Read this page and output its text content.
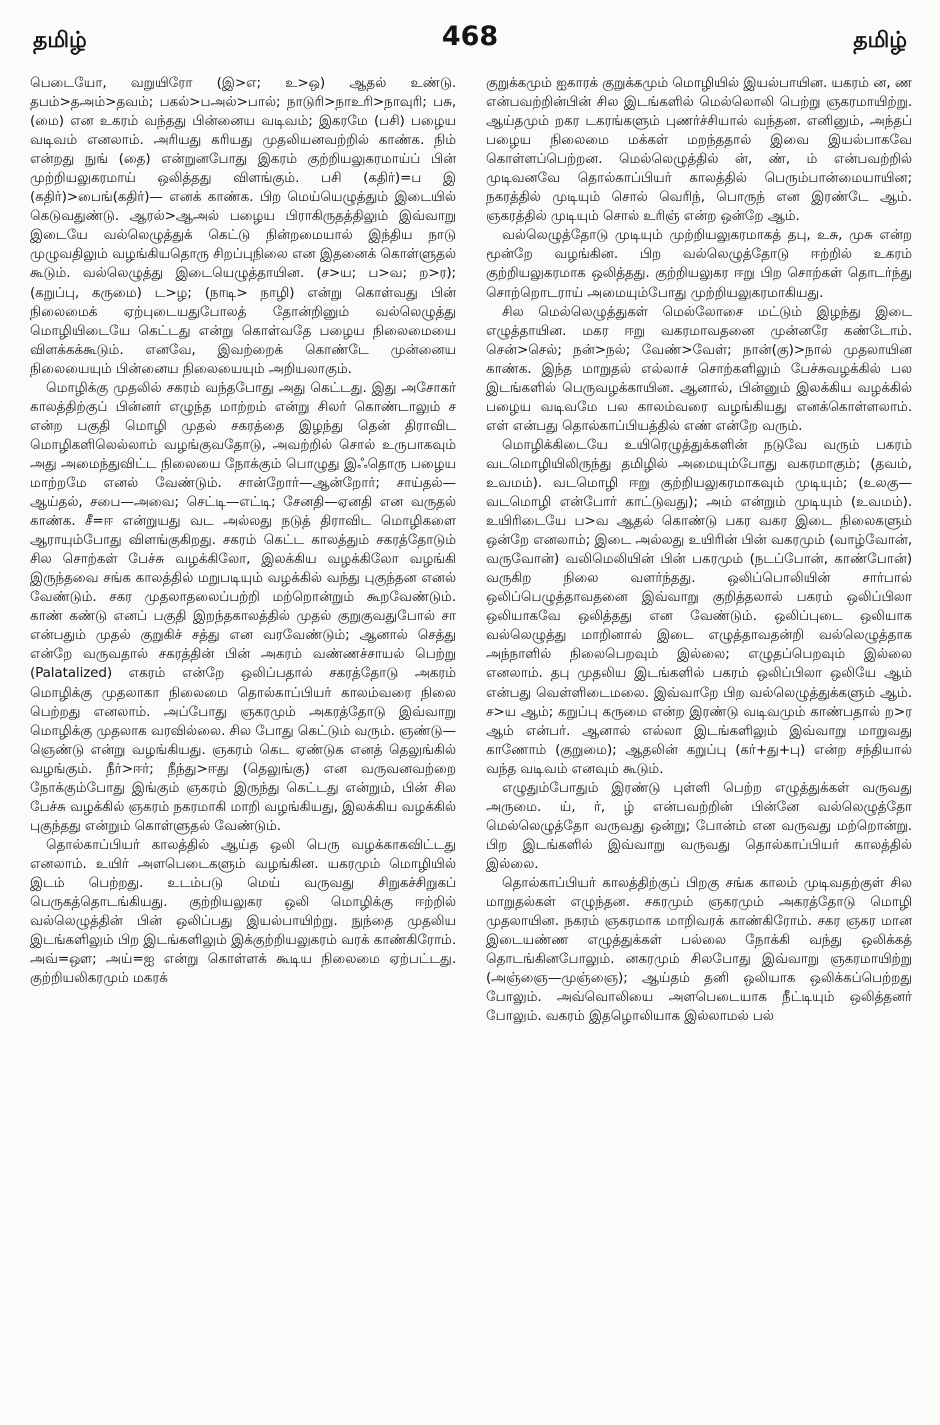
தமிழ்	468	தமிழ்

பெடையோ, வறுயிரோ (இ>எ; உ>ஒ) ஆதல் உண்டு. தபம்>தஅம்>தவம்; பகல்>பஅல்>பால்; நாடுரி>நாஉரி>நாவுரி; பசு, (மை) என உகரம் வந்தது பின்னைய வடிவம்; இகரமே (பசி) பழைய வடிவம் எனலாம். அரியது கரியது முதலியனவற்றில் காண்க. நிம் என்றது நுங் (தை) என்றுனபோது இகரம் குற்றியலுகரமாய்ப் பின் முற்றியலுகரமாய் ஒலித்தது விளங்கும். பசி (கதிர்)=ப இ (கதிர்)>பைங்(கதிர்)— எனக் காண்க. பிற மெய்யெழுத்தும் இடையில் கெடுவதுண்டு. ஆரல்>ஆஅல் பழைய பிராகிருதத்திலும் இவ்வாறு இடையே வல்லெழுத்துக் கெட்டு நின்றமையால் இந்திய நாடு முழுவதிலும் வழங்கியதொரு சிறப்புநிலை என இதனைக் கொள்ளுதல் கூடும். வல்லெழுத்து இடையெழுத்தாயின. (ச>ய; ப>வ; ற>ர); (கறுப்பு, கருமை) ட>ழ; (நாடி> நாழி) என்று கொள்வது பின் நிலைமைக் ஏற்புடையதுபோலத் தோன்றினும் வல்லெழுத்து மொழியிடையே கெட்டது என்று கொள்வதே பழைய நிலைமையை விளக்கக்கூடும். எனவே, இவற்றைக் கொண்டே முன்னைய நிலையையும் பின்னைய நிலையையும் அறியலாகும்.

மொழிக்கு முதலில் சகரம் வந்தபோது அது கெட்டது. இது அசோகர் காலத்திற்குப் பின்னர் எழுந்த மாற்றம் என்று சிலர் கொண்டாலும் ச என்ற பகுதி மொழி முதல் சகரத்தை இழந்து தென் திராவிட மொழிகளிலெல்லாம் வழங்குவதோடு, அவற்றில் சொல் உருபாகவும் அது அமைந்துவிட்ட நிலையை நோக்கும் பொழுது இஃதொரு பழைய மாற்றமே எனல் வேண்டும். சான்றோர்—ஆன்றோர்; சாய்தல்—ஆய்தல், சபை—அவை; செட்டி—எட்டி; சேனதி—ஏனதி என வருதல் காண்க. சீ=ஈ என்றுயது வட அல்லது நடுத் திராவிட மொழிகளை ஆராயும்போது விளங்குகிறது. சகரம் கெட்ட காலத்தும் சகரத்தோடும் சில சொற்கள் பேச்சு வழக்கிலோ, இலக்கிய வழக்கிலோ வழங்கி இருந்தவை சங்க காலத்தில் மறுபடியும் வழக்கில் வந்து புகுந்தன எனல் வேண்டும். சகர முதலாதலைப்பற்றி மற்றொன்றும் கூறவேண்டும். காண் கண்டு எனப் பகுதி இறந்தகாலத்தில் முதல் குறுகுவதுபோல் சா என்பதும் முதல் குறுகிச் சத்து என வரவேண்டும்; ஆனால் செத்து என்றே வருவதால் சகரத்தின் பின் அகரம் வண்ணச்சாயல் பெற்று (Palatalized) எகரம் என்றே ஒலிப்பதால் சகரத்தோடு அகரம் மொழிக்கு முதலாகா நிலைமை தொல்காப்பியர் காலம்வரை நிலை பெற்றது எனலாம். அப்போது ஞகரமும் அகரத்தோடு இவ்வாறு மொழிக்கு முதலாக வரவில்லை. சில போது கெட்டும் வரும். ஞண்டு—ஞெண்டு என்று வழங்கியது. ஞகரம் கெட ஏண்டுக எனத் தெலுங்கில் வழங்கும். நீர்>ஈர்; நீந்து>ஈது (தெலுங்கு) என வருவனவற்றை நோக்கும்போது இங்கும் ஞகரம் இருந்து கெட்டது என்றும், பின் சில பேச்சு வழக்கில் ஞகரம் நகரமாகி மாறி வழங்கியது, இலக்கிய வழக்கில் புகுந்தது என்றும் கொள்ளுதல் வேண்டும்.

தொல்காப்பியர் காலத்தில் ஆய்த ஒலி பெரு வழக்காகவிட்டது எனலாம். உயிர் அளபெடைகளும் வழங்கின. யகரமும் மொழியில் இடம் பெற்றது. உடம்படு மெய் வருவது சிறுகச்சிறுகப் பெருகத்தொடங்கியது. குற்றியலுகர ஒலி மொழிக்கு ஈற்றில் வல்லெழுத்தின் பின் ஒலிப்பது இயல்பாயிற்று. நுந்தை முதலிய இடங்களிலும் பிற இடங்களிலும் இக்குற்றியலுகரம் வரக் காண்கிரோம். அவ்=ஔ; அய்=ஐ என்று கொள்ளக் கூடிய நிலைமை ஏற்பட்டது. குற்றியலிகரமும் மகரக்

குறுக்கமும் ஐகாரக் குறுக்கமும் மொழியில் இயல்பாயின. யகரம் ன, ண என்பவற்றின்பின் சில இடங்களில் மெல்லொலி பெற்று ஞகரமாயிற்று. ஆய்தமும் றகர டகரங்களும் புணர்ச்சியால் வந்தன. எனினும், அந்தப் பழைய நிலைமை மக்கள் மறந்ததால் இவை இயல்பாகவே கொள்ளப்பெற்றன. மெல்லெழுத்தில் ன், ண், ம் என்பவற்றில் முடிவனவே தொல்காப்பியர் காலத்தில் பெரும்பான்மையாயின; நகரத்தில் முடியும் சொல் வெரிந், பொருந் என இரண்டே ஆம். ஞகரத்தில் முடியும் சொல் உரிஞ் என்ற ஒன்றே ஆம்.

வல்லெழுத்தோடு முடியும் முற்றியலுகரமாகத் தபு, உசு, முசு என்ற மூன்றே வழங்கின. பிற வல்லெழுத்தோடு ஈற்றில் உகரம் குற்றியலுகரமாக ஒலித்தது. குற்றியலுகர ஈறு பிற சொற்கள் தொடர்ந்து சொற்றொடராய் அமையும்போது முற்றியலுகரமாகியது.

சில மெல்லெழுத்துகள் மெல்லோசை மட்டும் இழந்து இடை எழுத்தாயின. மகர ஈறு வகரமாவதனை முன்னரே கண்டோம். சென்>செல்; நன்>நல்; வேண்>வேள்; நான்(கு)>நால் முதலாயின காண்க. இந்த மாறுதல் எல்லாச் சொற்களிலும் பேச்சுவழக்கில் பல இடங்களில் பெருவழக்காயின. ஆனால், பின்னும் இலக்கிய வழக்கில் பழைய வடிவமே பல காலம்வரை வழங்கியது எனக்கொள்ளலாம். எள் என்பது தொல்காப்பியத்தில் எண் என்றே வரும்.

மொழிக்கிடையே உயிரெழுத்துக்களின் நடுவே வரும் பகரம் வடமொழியிலிருந்து தமிழில் அமையும்போது வகரமாகும்; (தவம், உவமம்). வடமொழி ஈறு குற்றியலுகரமாகவும் முடியும்; (உலகு—வடமொழி என்போர் காட்டுவது); அம் என்றும் முடியும் (உவமம்). உயிரிடையே ப>வ ஆதல் கொண்டு பகர வகர இடை நிலைகளும் ஒன்றே எனலாம்; இடை அல்லது உயிரின் பின் வகரமும் (வாழ்வோன், வருவோன்) வலிமெலியின் பின் பகரமும் (நடப்போன், காண்போன்) வருகிற நிலை வளர்ந்தது. ஒலிப்பொலியின் சார்பால் ஒலிப்பெழுத்தாவதனை இவ்வாறு குறித்தலால் பகரம் ஒலிப்பிலா ஒலியாகவே ஒலித்தது என வேண்டும். ஒலிப்புடை ஒலியாக வல்லெழுத்து மாறினால் இடை எழுத்தாவதன்றி வல்லெழுத்தாக அந்நாளில் நிலைபெறவும் இல்லை; எழுதப்பெறவும் இல்லை எனலாம். தபு முதலிய இடங்களில் பகரம் ஒலிப்பிலா ஒலியே ஆம் என்பது வெள்ளிடைமலை. இவ்வாறே பிற வல்லெழுத்துக்களும் ஆம். ச>ய ஆம்; கறுப்பு கருமை என்ற இரண்டு வடிவமும் காண்பதால் ற>ர ஆம் என்பர். ஆனால் எல்லா இடங்களிலும் இவ்வாறு மாறுவது காணோம் (குறுமை); ஆதலின் கறுப்பு (கர்+து+பு) என்ற சந்தியால் வந்த வடிவம் எனவும் கூடும்.

எழுதும்போதும் இரண்டு புள்ளி பெற்ற எழுத்துக்கள் வருவது அருமை. ய், ர், ழ் என்பவற்றின் பின்னே வல்லெழுத்தோ மெல்லெழுத்தோ வருவது ஒன்று; போன்ம் என வருவது மற்றொன்று. பிற இடங்களில் இவ்வாறு வருவது தொல்காப்பியர் காலத்தில் இல்லை.

தொல்காப்பியர் காலத்திற்குப் பிறகு சங்க காலம் முடிவதற்குள் சில மாறுதல்கள் எழுந்தன. சகரமும் ஞகரமும் அகரத்தோடு மொழி முதலாயின. நகரம் ஞகரமாக மாறிவரக் காண்கிரோம். சகர ஞகர மான இடையண்ண எழுத்துக்கள் பல்லை நோக்கி வந்து ஒலிக்கத் தொடங்கினபோலும். னகரமும் சிலபோது இவ்வாறு ஞகரமாயிற்று (அஞ்ஞை—முஞ்ஞை); ஆய்தம் தனி ஒலியாக ஒலிக்கப்பெற்றது போலும். அவ்வொலியை அளபெடையாக நீட்டியும் ஒலித்தனர் போலும். வகரம் இதழொலியாக இல்லாமல் பல்
